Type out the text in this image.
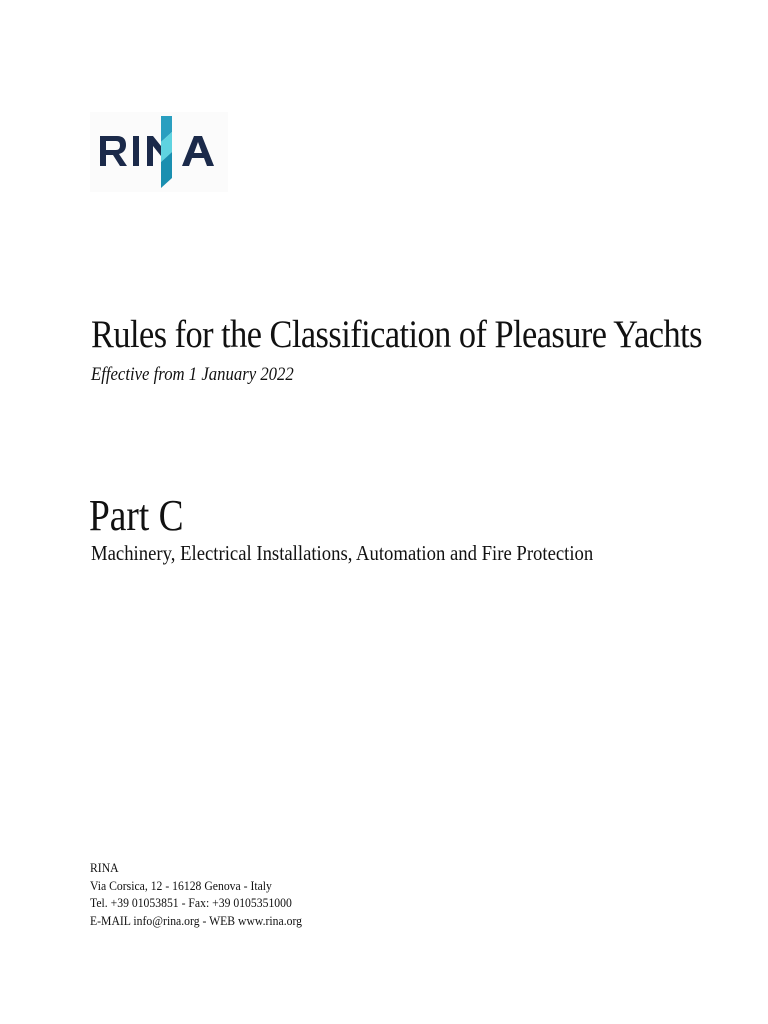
Rules for the Classification of Pleasure Yachts

Effective from 1 January 2022

Part C

Machinery, Electrical Installations, Automation and Fire Protection

RINA
Via Corsica, 12 - 16128 Genova - Italy
Tel. +39 01053851 - Fax: +39 0105351000
E-MAIL info@rina.org - WEB www.rina.org
